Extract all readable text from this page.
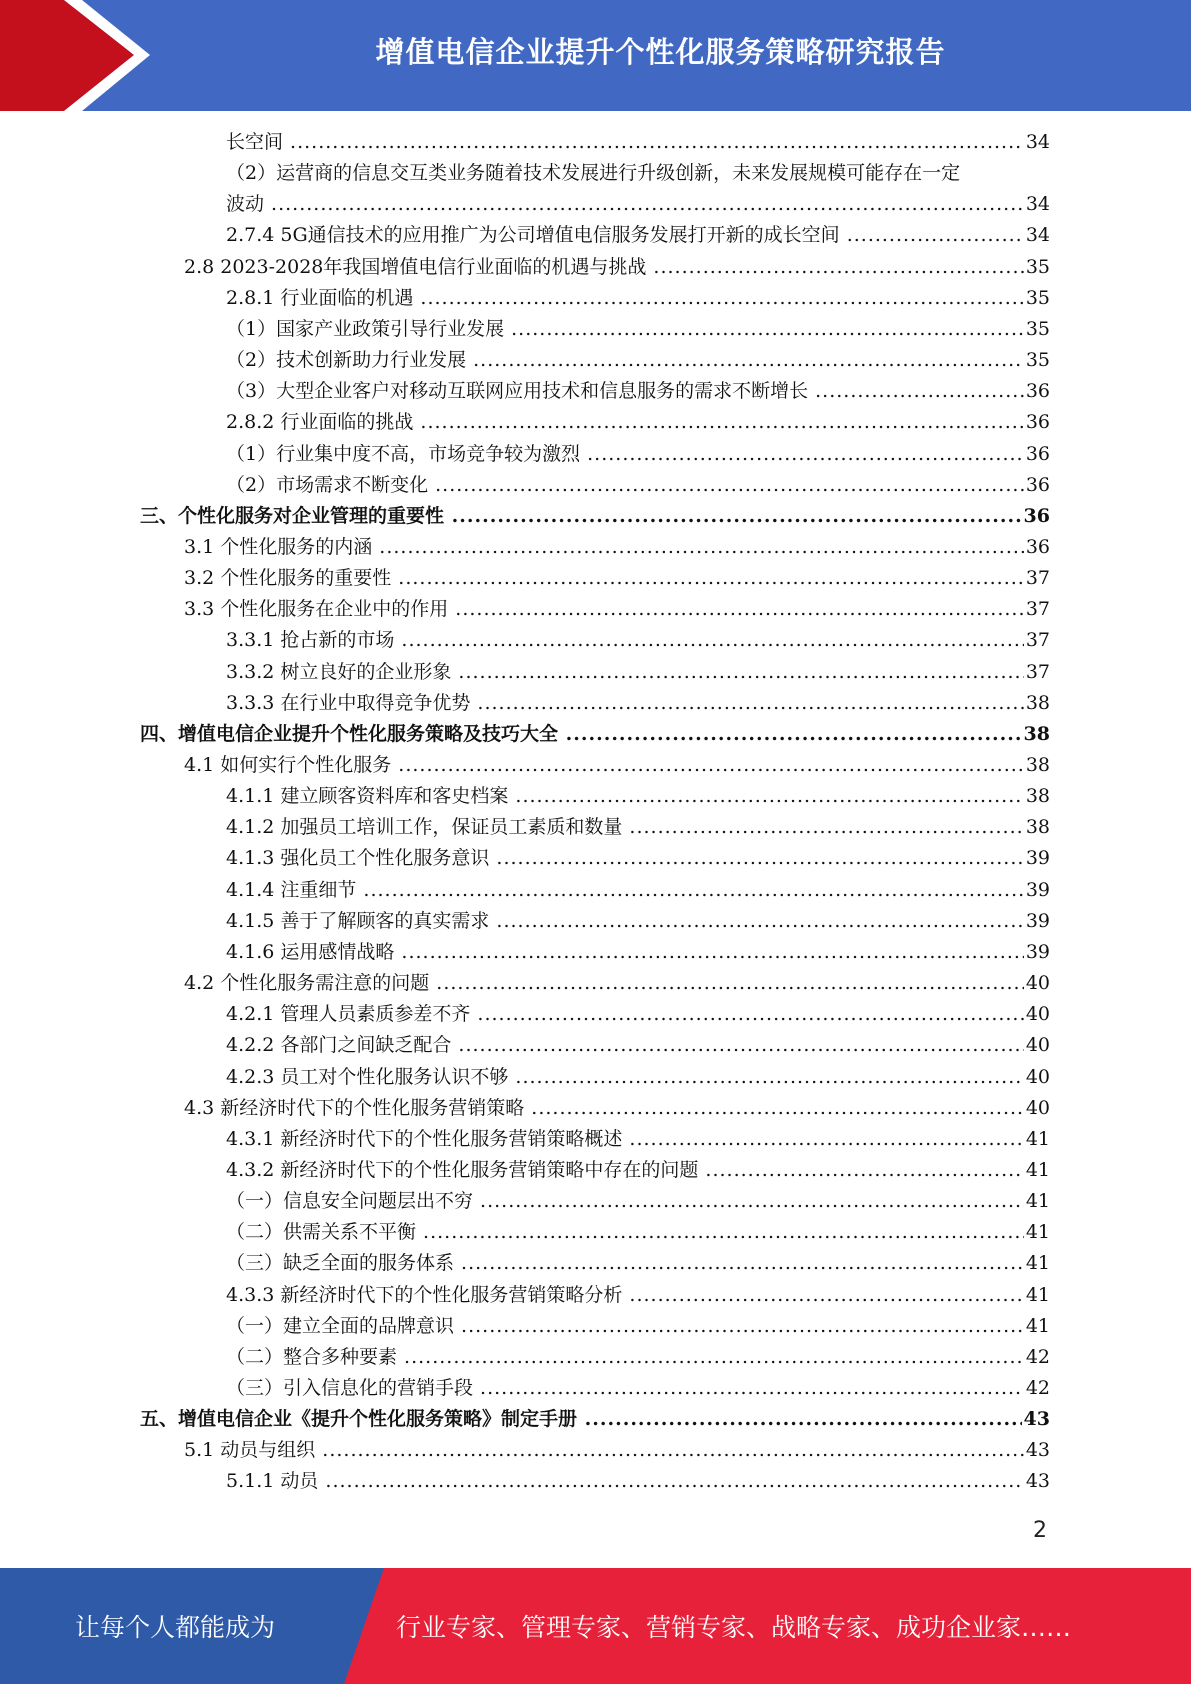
增值电信企业提升个性化服务策略研究报告
长空间 .....	34
（2）运营商的信息交互类业务随着技术发展进行升级创新，未来发展规模可能存在一定
波动 .....	34
2.7.4 5G通信技术的应用推广为公司增值电信服务发展打开新的成长空间 .....	34
2.8 2023-2028年我国增值电信行业面临的机遇与挑战 .....	35
2.8.1 行业面临的机遇 .....	35
（1）国家产业政策引导行业发展 .....	35
（2）技术创新助力行业发展 .....	35
（3）大型企业客户对移动互联网应用技术和信息服务的需求不断增长 .....	36
2.8.2 行业面临的挑战 .....	36
（1）行业集中度不高，市场竞争较为激烈 .....	36
（2）市场需求不断变化 .....	36
三、个性化服务对企业管理的重要性 .....	36
3.1 个性化服务的内涵 .....	36
3.2 个性化服务的重要性 .....	37
3.3 个性化服务在企业中的作用 .....	37
3.3.1 抢占新的市场 .....	37
3.3.2 树立良好的企业形象 .....	37
3.3.3 在行业中取得竞争优势 .....	38
四、增值电信企业提升个性化服务策略及技巧大全 .....	38
4.1 如何实行个性化服务 .....	38
4.1.1 建立顾客资料库和客史档案 .....	38
4.1.2 加强员工培训工作，保证员工素质和数量 .....	38
4.1.3 强化员工个性化服务意识 .....	39
4.1.4 注重细节 .....	39
4.1.5 善于了解顾客的真实需求 .....	39
4.1.6 运用感情战略 .....	39
4.2 个性化服务需注意的问题 .....	40
4.2.1 管理人员素质参差不齐 .....	40
4.2.2 各部门之间缺乏配合 .....	40
4.2.3 员工对个性化服务认识不够 .....	40
4.3 新经济时代下的个性化服务营销策略 .....	40
4.3.1 新经济时代下的个性化服务营销策略概述 .....	41
4.3.2 新经济时代下的个性化服务营销策略中存在的问题 .....	41
（一）信息安全问题层出不穷 .....	41
（二）供需关系不平衡 .....	41
（三）缺乏全面的服务体系 .....	41
4.3.3 新经济时代下的个性化服务营销策略分析 .....	41
（一）建立全面的品牌意识 .....	41
（二）整合多种要素 .....	42
（三）引入信息化的营销手段 .....	42
五、增值电信企业《提升个性化服务策略》制定手册 .....	43
5.1 动员与组织 .....	43
5.1.1 动员 .....	43
2
让每个人都能成为	行业专家、管理专家、营销专家、战略专家、成功企业家……
